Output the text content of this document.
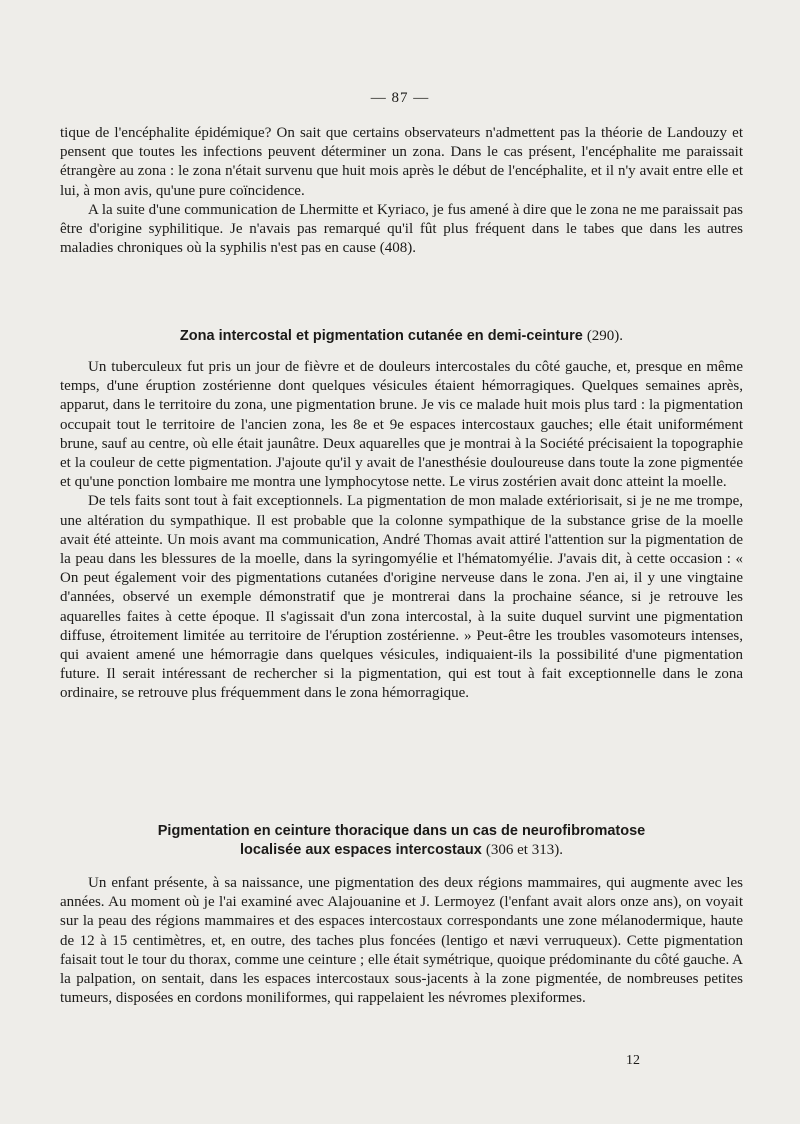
— 87 —

tique de l'encéphalite épidémique? On sait que certains observateurs n'admettent pas la théorie de Landouzy et pensent que toutes les infections peuvent déterminer un zona. Dans le cas présent, l'encéphalite me paraissait étrangère au zona : le zona n'était survenu que huit mois après le début de l'encéphalite, et il n'y avait entre elle et lui, à mon avis, qu'une pure coïncidence.

A la suite d'une communication de Lhermitte et Kyriaco, je fus amené à dire que le zona ne me paraissait pas être d'origine syphilitique. Je n'avais pas remarqué qu'il fût plus fréquent dans le tabes que dans les autres maladies chroniques où la syphilis n'est pas en cause (408).

Zona intercostal et pigmentation cutanée en demi-ceinture (290).

Un tuberculeux fut pris un jour de fièvre et de douleurs intercostales du côté gauche, et, presque en même temps, d'une éruption zostérienne dont quelques vésicules étaient hémorragiques. Quelques semaines après, apparut, dans le territoire du zona, une pigmentation brune. Je vis ce malade huit mois plus tard : la pigmentation occupait tout le territoire de l'ancien zona, les 8e et 9e espaces intercostaux gauches; elle était uniformément brune, sauf au centre, où elle était jaunâtre. Deux aquarelles que je montrai à la Société précisaient la topographie et la couleur de cette pigmentation. J'ajoute qu'il y avait de l'anesthésie douloureuse dans toute la zone pigmentée et qu'une ponction lombaire me montra une lymphocytose nette. Le virus zostérien avait donc atteint la moelle.

De tels faits sont tout à fait exceptionnels. La pigmentation de mon malade extériorisait, si je ne me trompe, une altération du sympathique. Il est probable que la colonne sympathique de la substance grise de la moelle avait été atteinte. Un mois avant ma communication, André Thomas avait attiré l'attention sur la pigmentation de la peau dans les blessures de la moelle, dans la syringomyélie et l'hématomyélie. J'avais dit, à cette occasion : « On peut également voir des pigmentations cutanées d'origine nerveuse dans le zona. J'en ai, il y une vingtaine d'années, observé un exemple démonstratif que je montrerai dans la prochaine séance, si je retrouve les aquarelles faites à cette époque. Il s'agissait d'un zona intercostal, à la suite duquel survint une pigmentation diffuse, étroitement limitée au territoire de l'éruption zostérienne. » Peut-être les troubles vasomoteurs intenses, qui avaient amené une hémorragie dans quelques vésicules, indiquaient-ils la possibilité d'une pigmentation future. Il serait intéressant de rechercher si la pigmentation, qui est tout à fait exceptionnelle dans le zona ordinaire, se retrouve plus fréquemment dans le zona hémorragique.

Pigmentation en ceinture thoracique dans un cas de neurofibromatose
localisée aux espaces intercostaux (306 et 313).

Un enfant présente, à sa naissance, une pigmentation des deux régions mammaires, qui augmente avec les années. Au moment où je l'ai examiné avec Alajouanine et J. Lermoyez (l'enfant avait alors onze ans), on voyait sur la peau des régions mammaires et des espaces intercostaux correspondants une zone mélanodermique, haute de 12 à 15 centimètres, et, en outre, des taches plus foncées (lentigo et nævi verruqueux). Cette pigmentation faisait tout le tour du thorax, comme une ceinture ; elle était symétrique, quoique prédominante du côté gauche. A la palpation, on sentait, dans les espaces intercostaux sous-jacents à la zone pigmentée, de nombreuses petites tumeurs, disposées en cordons moniliformes, qui rappelaient les névromes plexiformes.

12
